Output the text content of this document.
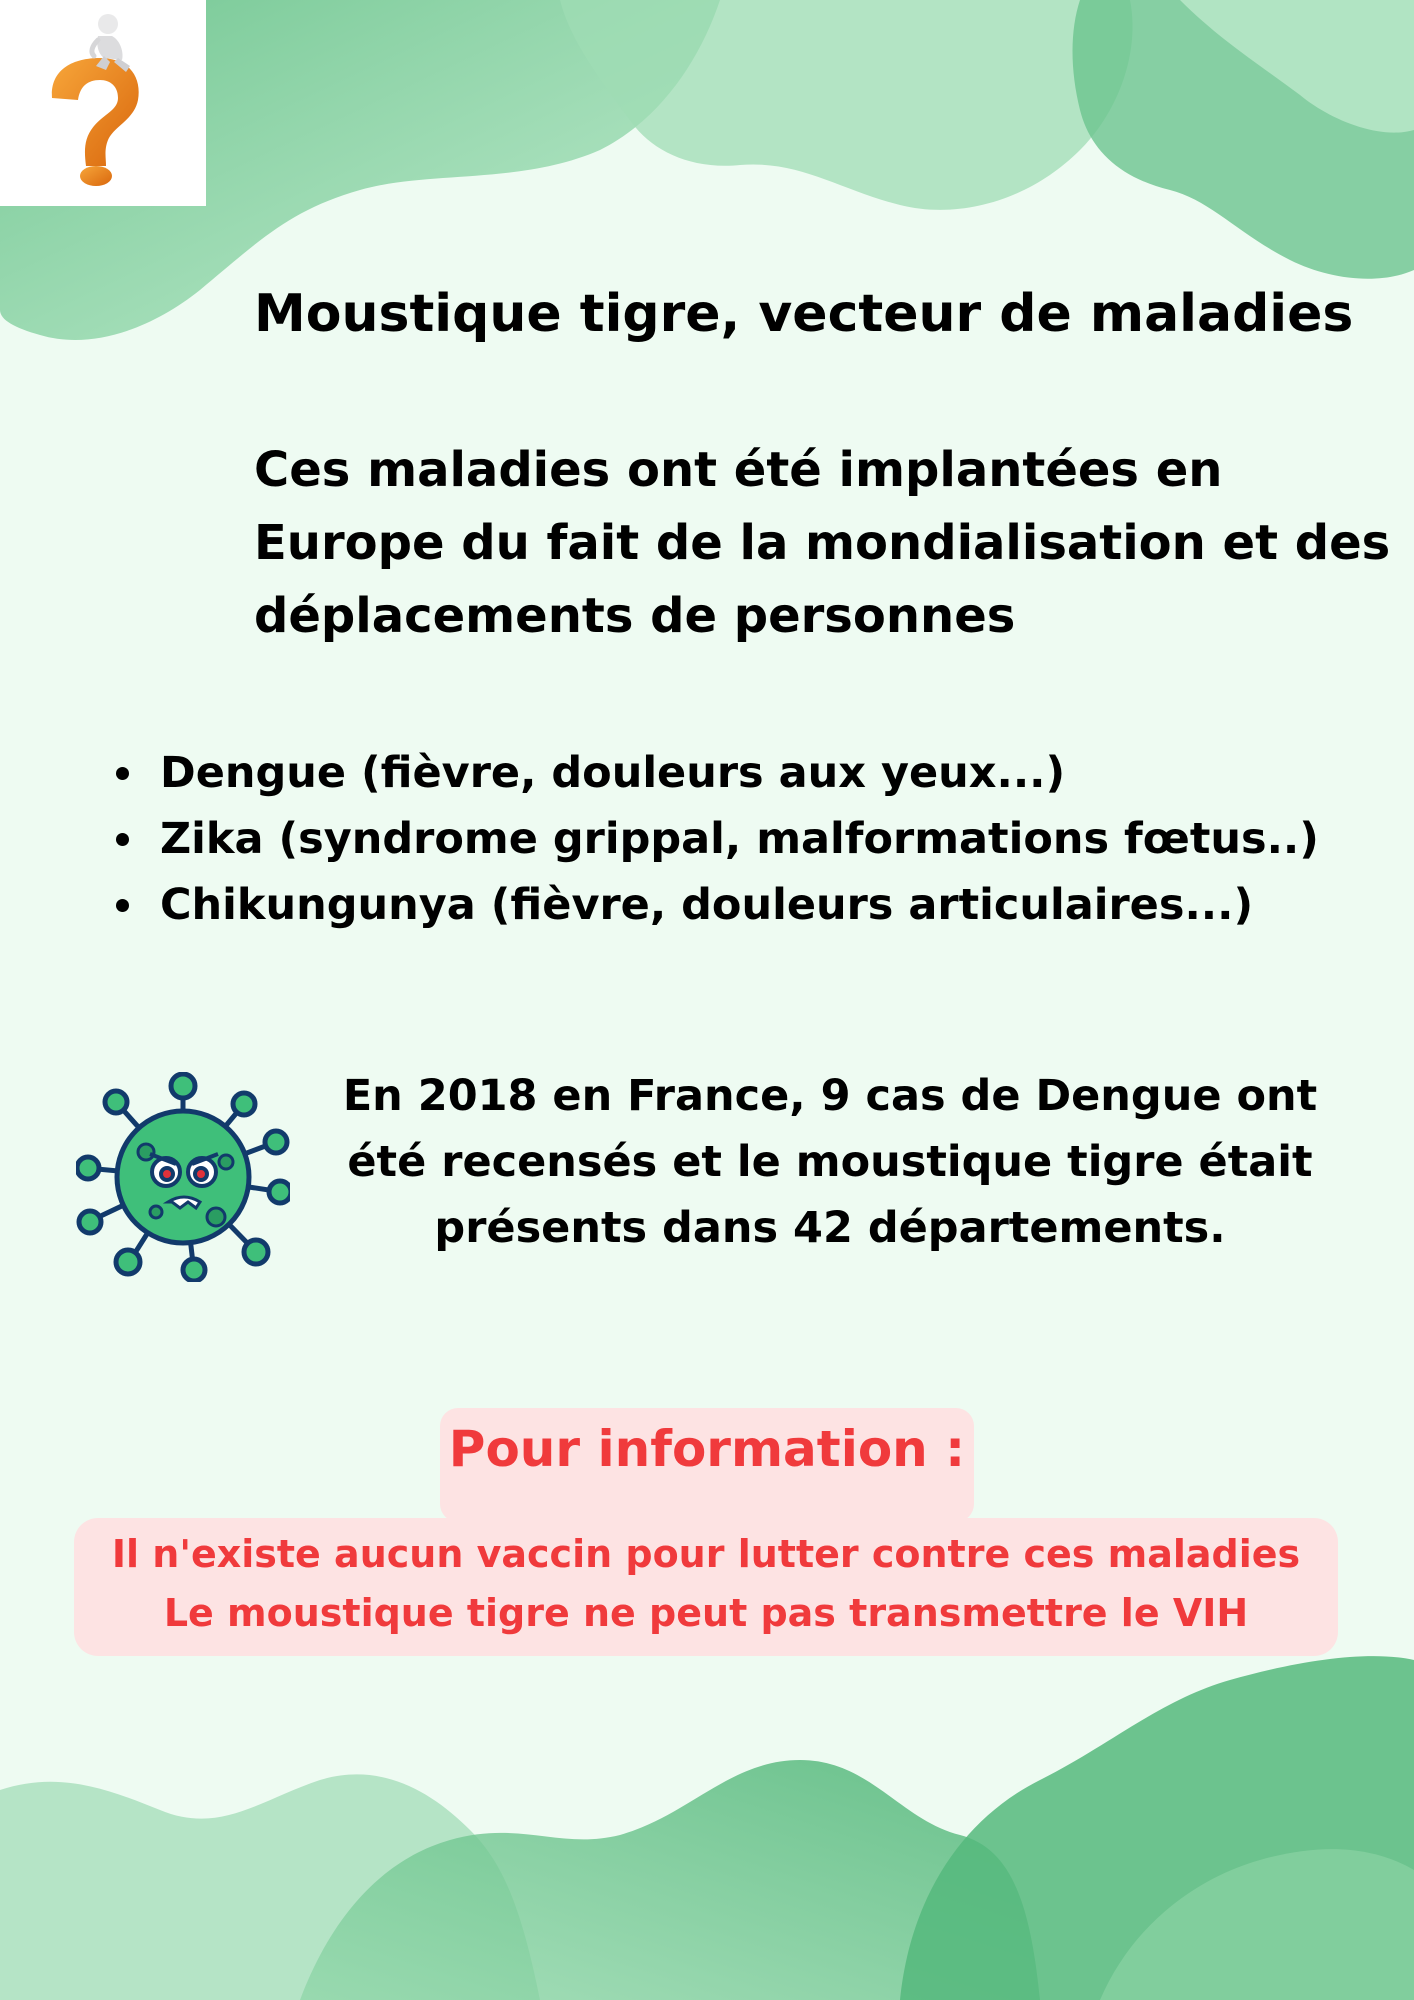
Moustique tigre, vecteur de maladies

Ces maladies ont été implantées en
Europe du fait de la mondialisation et des
déplacements de personnes

Dengue (fièvre, douleurs aux yeux...)
Zika (syndrome grippal, malformations fœtus..)
Chikungunya (fièvre, douleurs articulaires...)

En 2018 en France, 9 cas de Dengue ont
été recensés et le moustique tigre était
présents dans 42 départements.

Pour information :

Il n'existe aucun vaccin pour lutter contre ces maladies

Le moustique tigre ne peut pas transmettre le VIH
